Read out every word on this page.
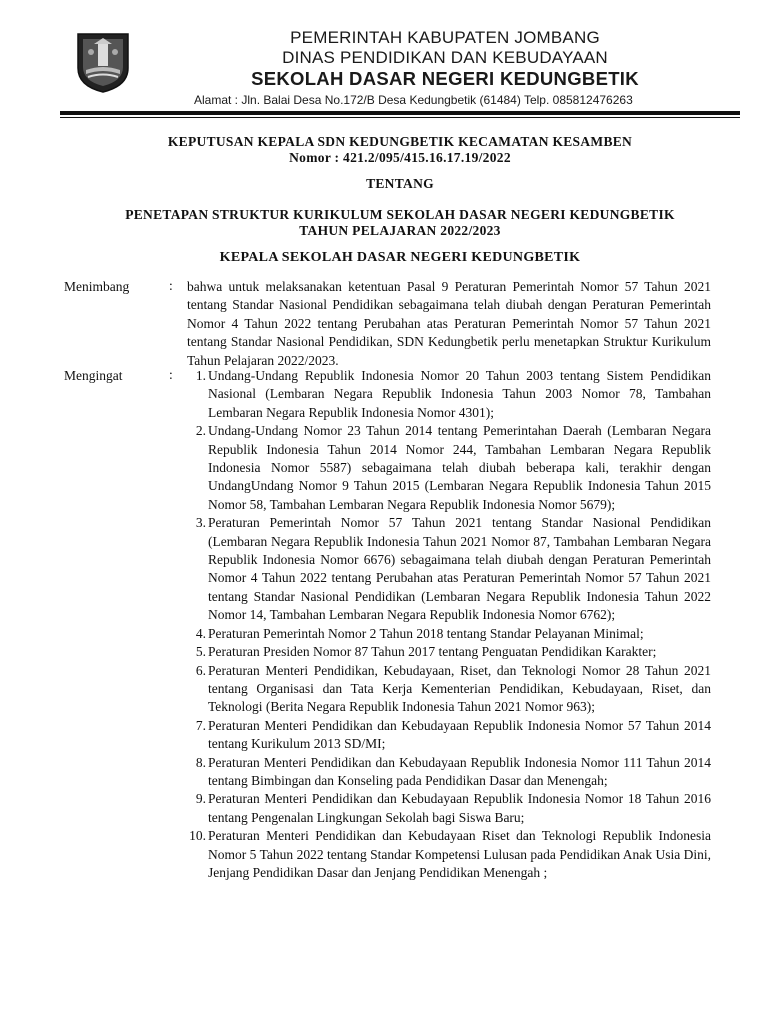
PEMERINTAH KABUPATEN JOMBANG
DINAS PENDIDIKAN DAN KEBUDAYAAN
SEKOLAH DASAR NEGERI KEDUNGBETIK
Alamat : Jln. Balai Desa No.172/B Desa Kedungbetik (61484) Telp. 085812476263
KEPUTUSAN KEPALA SDN KEDUNGBETIK KECAMATAN KESAMBEN
Nomor : 421.2/095/415.16.17.19/2022
TENTANG
PENETAPAN STRUKTUR KURIKULUM SEKOLAH DASAR NEGERI KEDUNGBETIK
TAHUN PELAJARAN 2022/2023
KEPALA SEKOLAH DASAR NEGERI KEDUNGBETIK
Menimbang	: bahwa untuk melaksanakan ketentuan Pasal 9 Peraturan Pemerintah Nomor 57 Tahun 2021 tentang Standar Nasional Pendidikan sebagaimana telah diubah dengan Peraturan Pemerintah Nomor 4 Tahun 2022 tentang Perubahan atas Peraturan Pemerintah Nomor 57 Tahun 2021 tentang Standar Nasional Pendidikan, SDN Kedungbetik perlu menetapkan Struktur Kurikulum Tahun Pelajaran 2022/2023.
Mengingat	:	1. Undang-Undang Republik Indonesia Nomor 20 Tahun 2003 tentang Sistem Pendidikan Nasional (Lembaran Negara Republik Indonesia Tahun 2003 Nomor 78, Tambahan Lembaran Negara Republik Indonesia Nomor 4301);
2. Undang-Undang Nomor 23 Tahun 2014 tentang Pemerintahan Daerah (Lembaran Negara Republik Indonesia Tahun 2014 Nomor 244, Tambahan Lembaran Negara Republik Indonesia Nomor 5587) sebagaimana telah diubah beberapa kali, terakhir dengan UndangUndang Nomor 9 Tahun 2015 (Lembaran Negara Republik Indonesia Tahun 2015 Nomor 58, Tambahan Lembaran Negara Republik Indonesia Nomor 5679);
3. Peraturan Pemerintah Nomor 57 Tahun 2021 tentang Standar Nasional Pendidikan (Lembaran Negara Republik Indonesia Tahun 2021 Nomor 87, Tambahan Lembaran Negara Republik Indonesia Nomor 6676) sebagaimana telah diubah dengan Peraturan Pemerintah Nomor 4 Tahun 2022 tentang Perubahan atas Peraturan Pemerintah Nomor 57 Tahun 2021 tentang Standar Nasional Pendidikan (Lembaran Negara Republik Indonesia Tahun 2022 Nomor 14, Tambahan Lembaran Negara Republik Indonesia Nomor 6762);
4. Peraturan Pemerintah Nomor 2 Tahun 2018 tentang Standar Pelayanan Minimal;
5. Peraturan Presiden Nomor 87 Tahun 2017 tentang Penguatan Pendidikan Karakter;
6. Peraturan Menteri Pendidikan, Kebudayaan, Riset, dan Teknologi Nomor 28 Tahun 2021 tentang Organisasi dan Tata Kerja Kementerian Pendidikan, Kebudayaan, Riset, dan Teknologi (Berita Negara Republik Indonesia Tahun 2021 Nomor 963);
7. Peraturan Menteri Pendidikan dan Kebudayaan Republik Indonesia Nomor 57 Tahun 2014 tentang Kurikulum 2013 SD/MI;
8. Peraturan Menteri Pendidikan dan Kebudayaan Republik Indonesia Nomor 111 Tahun 2014 tentang Bimbingan dan Konseling pada Pendidikan Dasar dan Menengah;
9. Peraturan Menteri Pendidikan dan Kebudayaan Republik Indonesia Nomor 18 Tahun 2016 tentang Pengenalan Lingkungan Sekolah bagi Siswa Baru;
10. Peraturan Menteri Pendidikan dan Kebudayaan Riset dan Teknologi Republik Indonesia Nomor 5 Tahun 2022 tentang Standar Kompetensi Lulusan pada Pendidikan Anak Usia Dini, Jenjang Pendidikan Dasar dan Jenjang Pendidikan Menengah ;
